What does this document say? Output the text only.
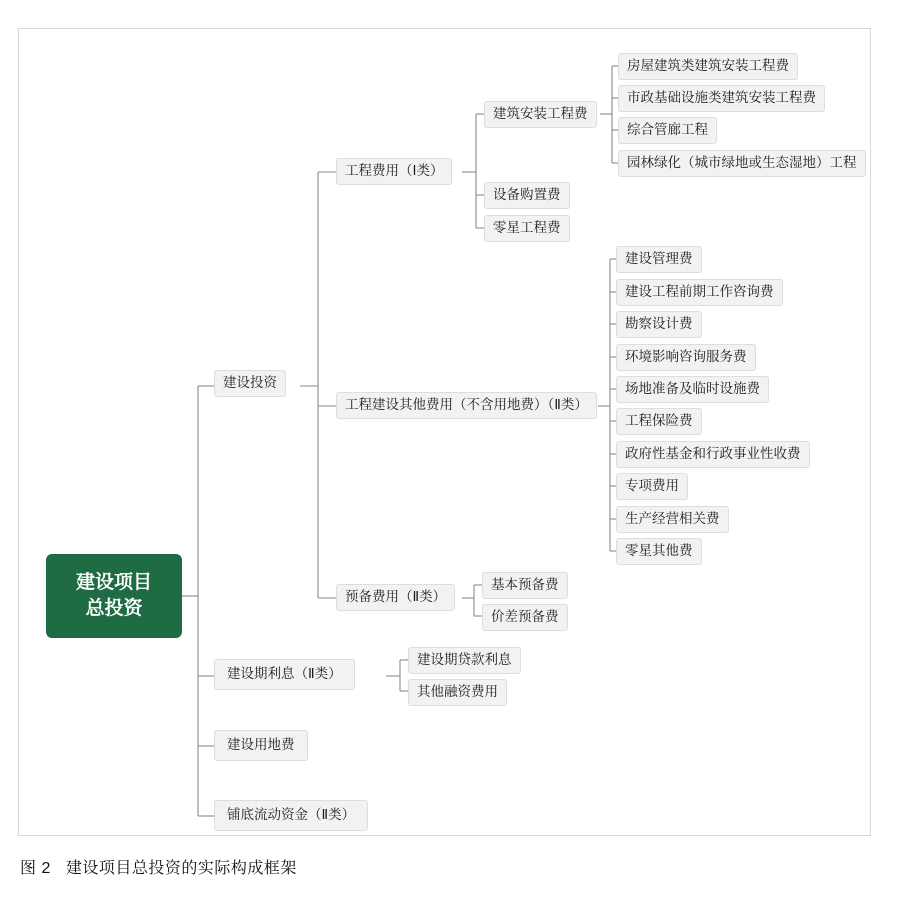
建设项目
总投资
建设投资
建设期利息（Ⅱ类）
建设用地费
铺底流动资金（Ⅱ类）
工程费用（Ⅰ类）
工程建设其他费用（不含用地费）（Ⅱ类）
预备费用（Ⅱ类）
建筑安装工程费
设备购置费
零星工程费
房屋建筑类建筑安装工程费
市政基础设施类建筑安装工程费
综合管廊工程
园林绿化（城市绿地或生态湿地）工程
建设管理费
建设工程前期工作咨询费
勘察设计费
环境影响咨询服务费
场地准备及临时设施费
工程保险费
政府性基金和行政事业性收费
专项费用
生产经营相关费
零星其他费
基本预备费
价差预备费
建设期贷款利息
其他融资费用
图 2 建设项目总投资的实际构成框架
